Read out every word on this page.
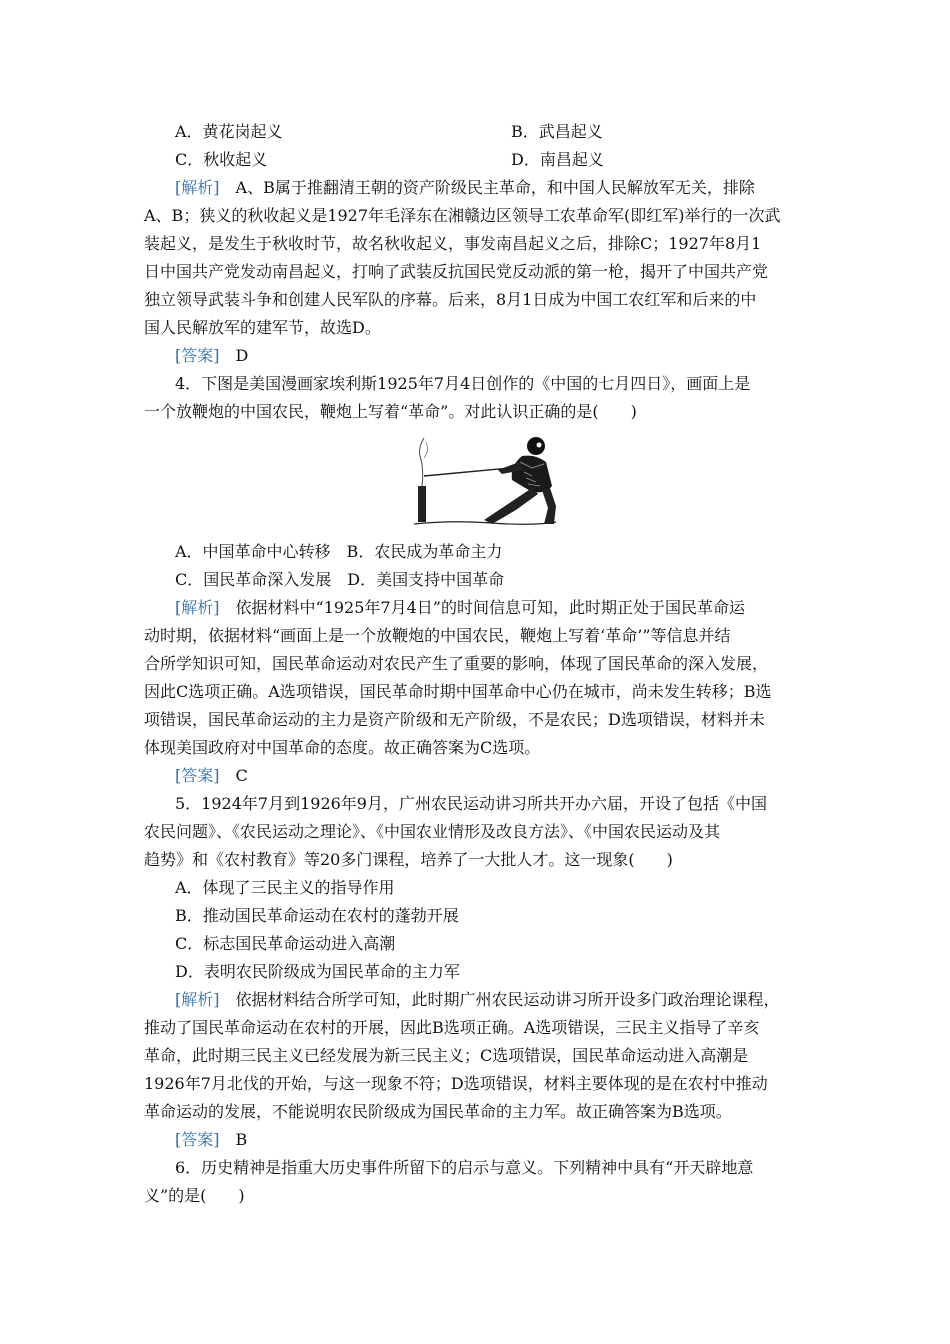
A．黄花岗起义	B．武昌起义
C．秋收起义	D．南昌起义
[解析]　 A、B属于推翻清王朝的资产阶级民主革命，和中国人民解放军无关，排除
A、B；狭义的秋收起义是1927年毛泽东在湘赣边区领导工农革命军(即红军)举行的一次武
装起义，是发生于秋收时节，故名秋收起义，事发南昌起义之后，排除C；1927年8月1
日中国共产党发动南昌起义，打响了武装反抗国民党反动派的第一枪，揭开了中国共产党
独立领导武装斗争和创建人民军队的序幕。后来，8月1日成为中国工农红军和后来的中
国人民解放军的建军节，故选D。
[答案]　 D
4．下图是美国漫画家埃利斯1925年7月4日创作的《中国的七月四日》，画面上是
一个放鞭炮的中国农民，鞭炮上写着“革命”。对此认识正确的是(　　)
A．中国革命中心转移　B．农民成为革命主力
C．国民革命深入发展　D．美国支持中国革命
[解析]　 依据材料中“1925年7月4日”的时间信息可知，此时期正处于国民革命运
动时期，依据材料“画面上是一个放鞭炮的中国农民，鞭炮上写着‘革命’”等信息并结
合所学知识可知，国民革命运动对农民产生了重要的影响，体现了国民革命的深入发展，
因此C选项正确。A选项错误，国民革命时期中国革命中心仍在城市，尚未发生转移；B选
项错误，国民革命运动的主力是资产阶级和无产阶级，不是农民；D选项错误，材料并未
体现美国政府对中国革命的态度。故正确答案为C选项。
[答案]　 C
5．1924年7月到1926年9月，广州农民运动讲习所共开办六届，开设了包括《中国
农民问题》、《农民运动之理论》、《中国农业情形及改良方法》、《中国农民运动及其
趋势》和《农村教育》等20多门课程，培养了一大批人才。这一现象(　　)
A．体现了三民主义的指导作用
B．推动国民革命运动在农村的蓬勃开展
C．标志国民革命运动进入高潮
D．表明农民阶级成为国民革命的主力军
[解析]　 依据材料结合所学可知，此时期广州农民运动讲习所开设多门政治理论课程，
推动了国民革命运动在农村的开展，因此B选项正确。A选项错误，三民主义指导了辛亥
革命，此时期三民主义已经发展为新三民主义；C选项错误，国民革命运动进入高潮是
1926年7月北伐的开始，与这一现象不符；D选项错误，材料主要体现的是在农村中推动
革命运动的发展，不能说明农民阶级成为国民革命的主力军。故正确答案为B选项。
[答案]　 B
6．历史精神是指重大历史事件所留下的启示与意义。下列精神中具有“开天辟地意
义”的是(　　)
